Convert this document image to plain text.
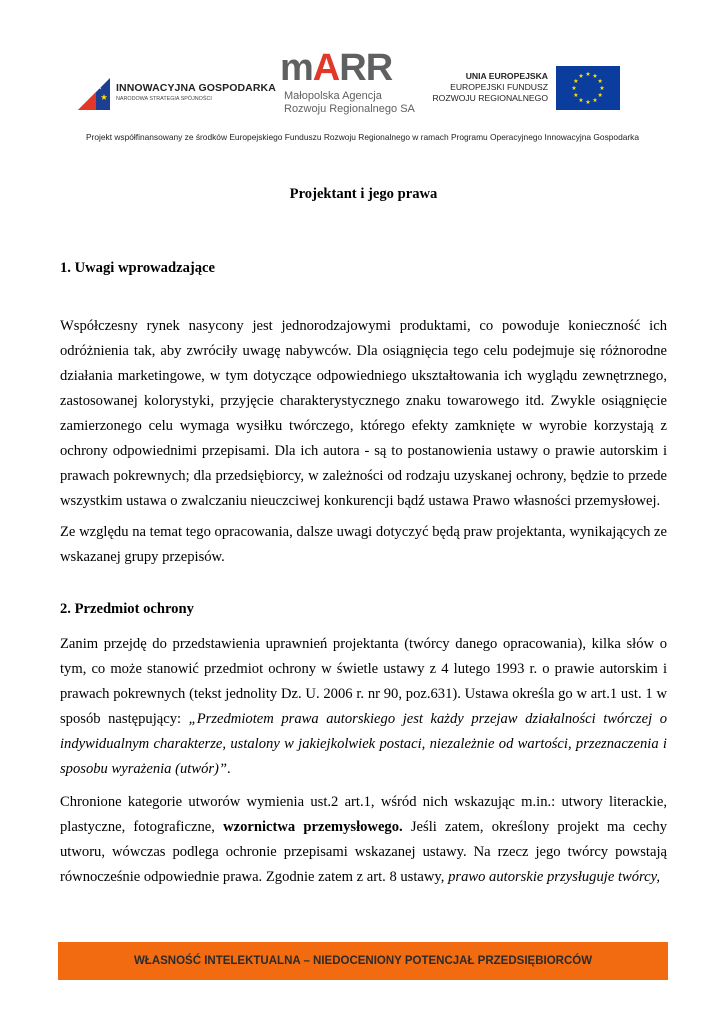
INNOWACYJNA GOSPODARKA
NARODOWA STRATEGIA SPÓJNOŚCI
mARR
Małopolska Agencja
Rozwoju Regionalnego SA
UNIA EUROPEJSKA
EUROPEJSKI FUNDUSZ
ROZWOJU REGIONALNEGO
Projekt współfinansowany ze środków Europejskiego Funduszu Rozwoju Regionalnego w ramach Programu Operacyjnego Innowacyjna Gospodarka

Projektant i jego prawa

1. Uwagi wprowadzające

Współczesny rynek nasycony jest jednorodzajowymi produktami, co powoduje konieczność ich odróżnienia tak, aby zwróciły uwagę nabywców. Dla osiągnięcia tego celu podejmuje się różnorodne działania marketingowe, w tym dotyczące odpowiedniego ukształtowania ich wyglądu zewnętrznego, zastosowanej kolorystyki, przyjęcie charakterystycznego znaku towarowego itd. Zwykle osiągnięcie zamierzonego celu wymaga wysiłku twórczego, którego efekty zamknięte w wyrobie korzystają z ochrony odpowiednimi przepisami. Dla ich autora - są to postanowienia ustawy o prawie autorskim i prawach pokrewnych; dla przedsiębiorcy, w zależności od rodzaju uzyskanej ochrony, będzie to przede wszystkim ustawa o zwalczaniu nieuczciwej konkurencji bądź ustawa Prawo własności przemysłowej.

Ze względu na temat tego opracowania, dalsze uwagi dotyczyć będą praw projektanta, wynikających ze wskazanej grupy przepisów.

2. Przedmiot ochrony

Zanim przejdę do przedstawienia uprawnień projektanta (twórcy danego opracowania), kilka słów o tym, co może stanowić przedmiot ochrony w świetle ustawy z 4 lutego 1993 r. o prawie autorskim i prawach pokrewnych (tekst jednolity Dz. U. 2006 r. nr 90, poz.631). Ustawa określa go w art.1 ust. 1 w sposób następujący: „Przedmiotem prawa autorskiego jest każdy przejaw działalności twórczej o indywidualnym charakterze, ustalony w jakiejkolwiek postaci, niezależnie od wartości, przeznaczenia i sposobu wyrażenia (utwór)”.

Chronione kategorie utworów wymienia ust.2 art.1, wśród nich wskazując m.in.: utwory literackie, plastyczne, fotograficzne, wzornictwa przemysłowego. Jeśli zatem, określony projekt ma cechy utworu, wówczas podlega ochronie przepisami wskazanej ustawy. Na rzecz jego twórcy powstają równocześnie odpowiednie prawa. Zgodnie zatem z art. 8 ustawy, prawo autorskie przysługuje twórcy,

WŁASNOŚĆ INTELEKTUALNA – NIEDOCENIONY POTENCJAŁ PRZEDSIĘBIORCÓW
